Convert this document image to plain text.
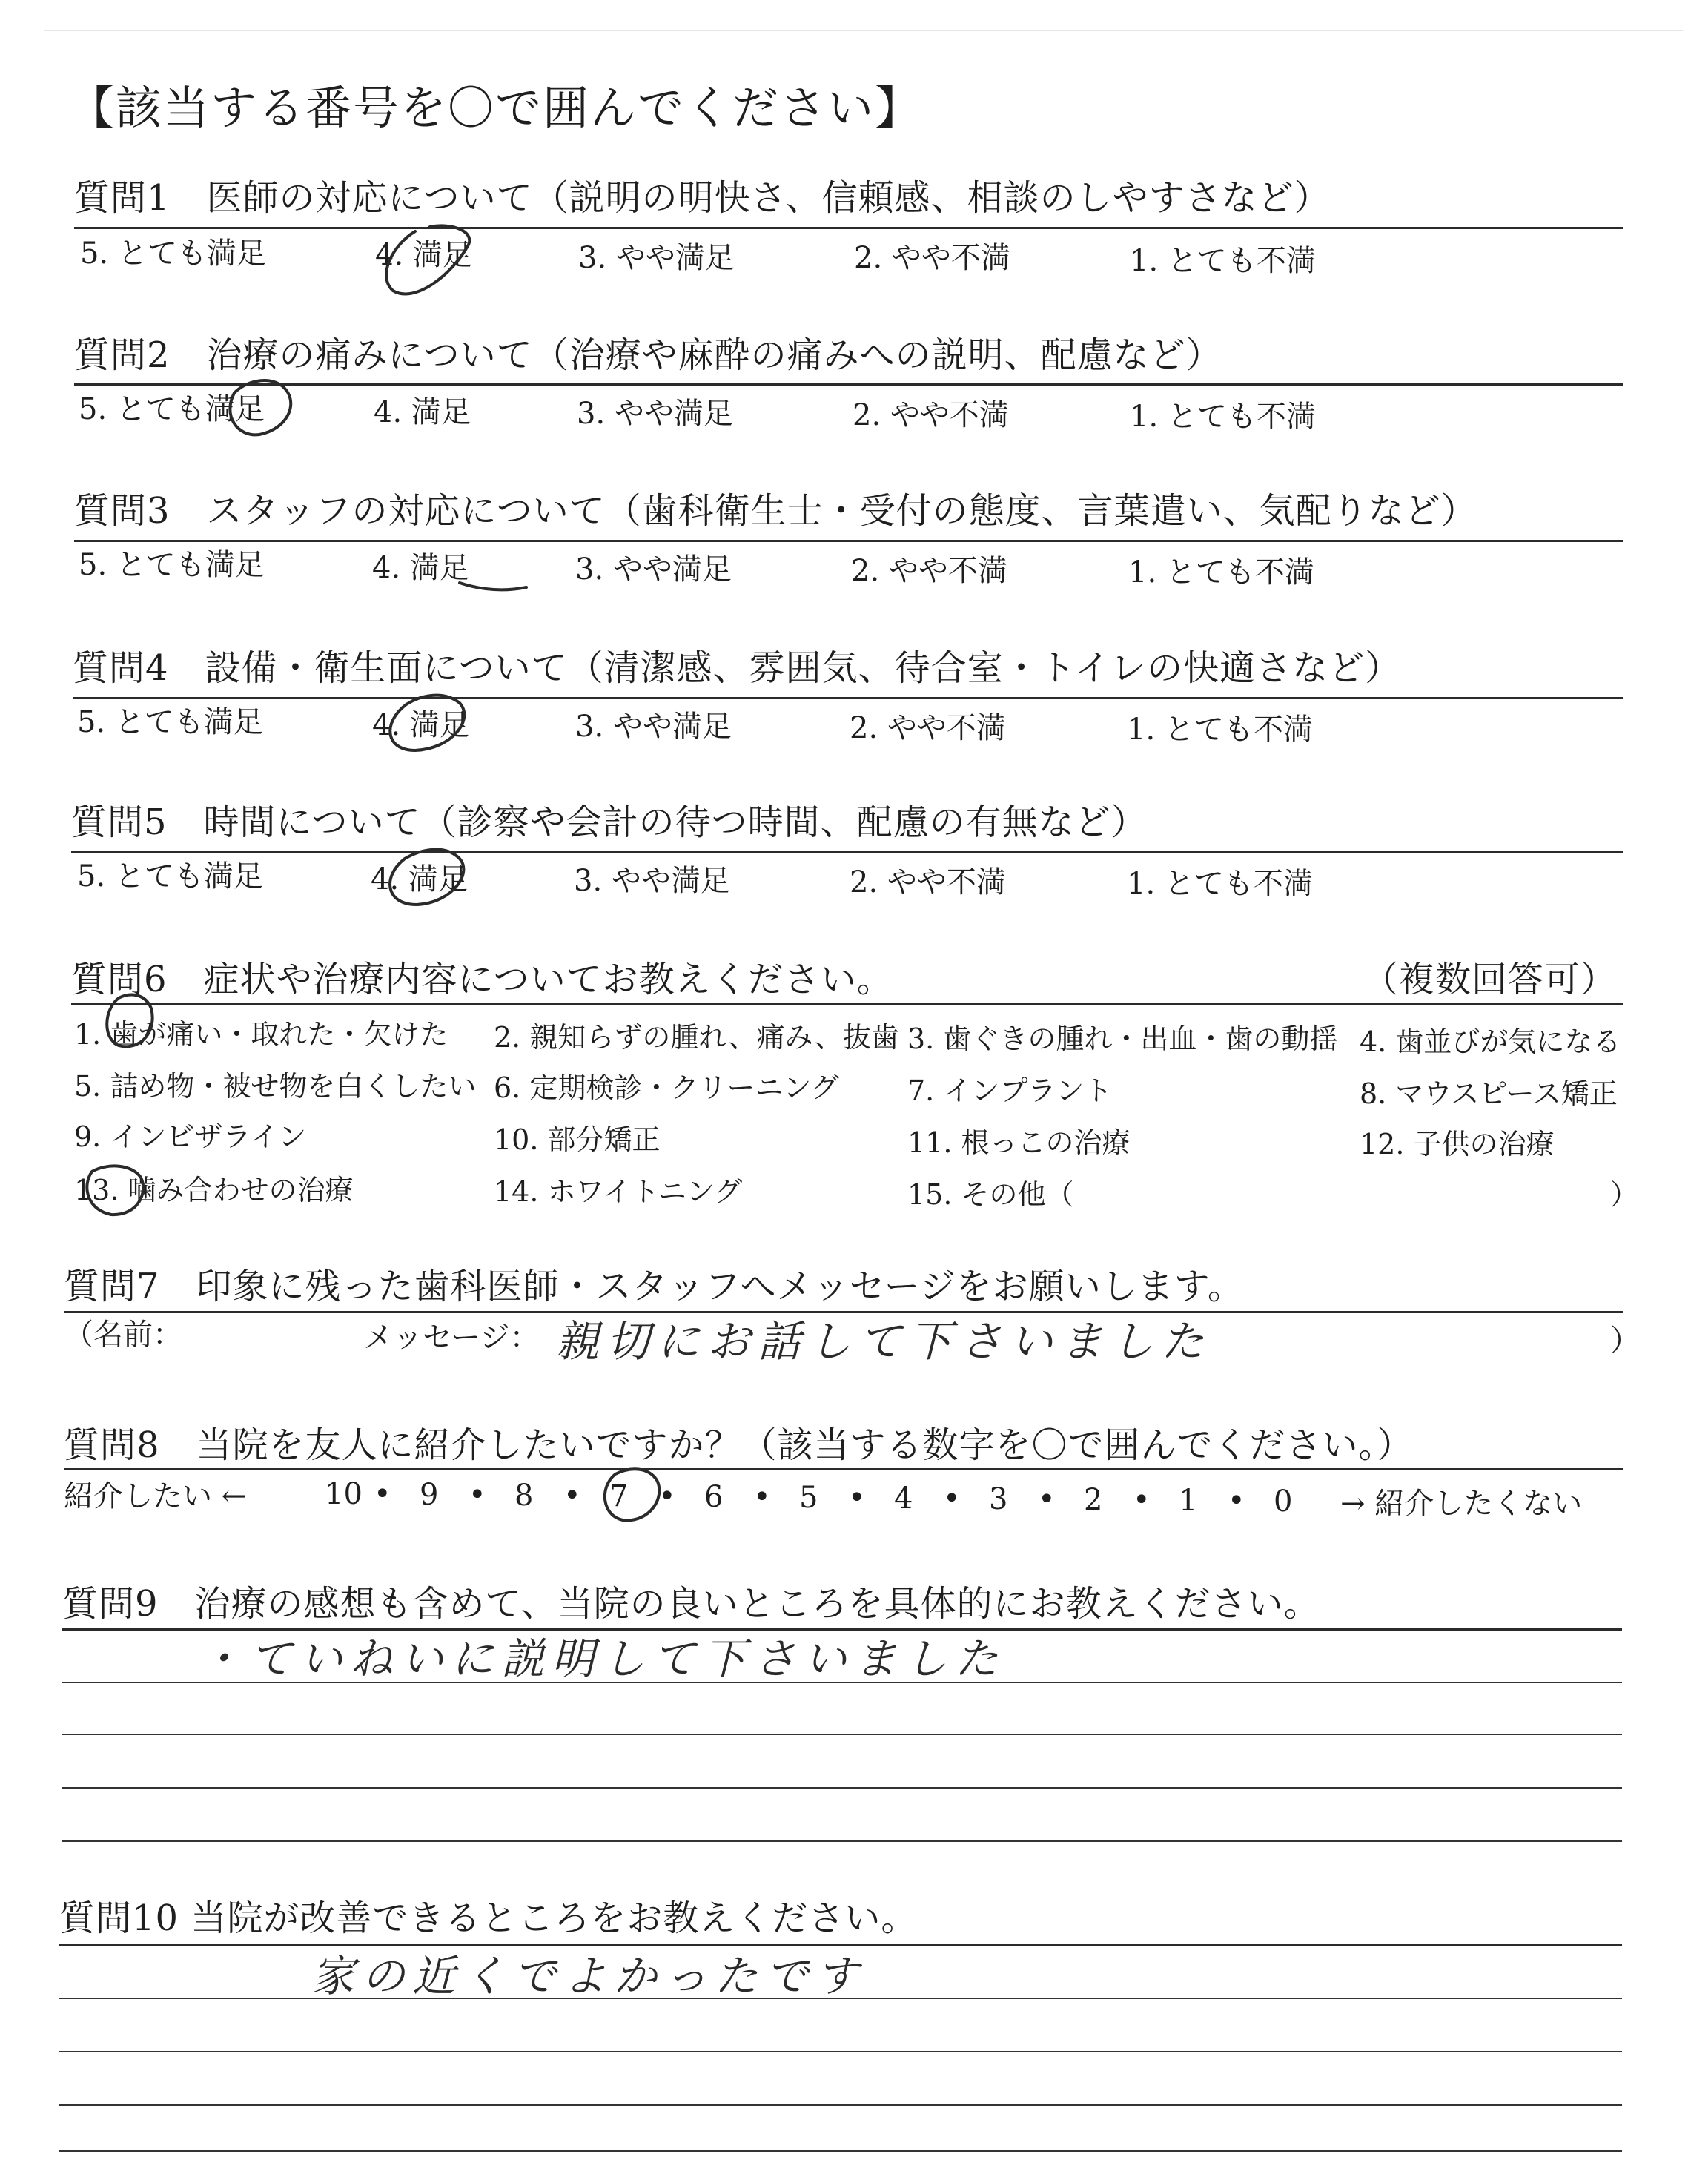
【該当する番号を〇で囲んでください】
質問1　医師の対応について（説明の明快さ、信頼感、相談のしやすさなど）
5. とても満足	4. 満足	3. やや満足	2. やや不満	1. とても不満
質問2　治療の痛みについて（治療や麻酔の痛みへの説明、配慮など）
5. とても満足	4. 満足	3. やや満足	2. やや不満	1. とても不満
質問3　スタッフの対応について（歯科衛生士・受付の態度、言葉遣い、気配りなど）
5. とても満足	4. 満足	3. やや満足	2. やや不満	1. とても不満
質問4　設備・衛生面について（清潔感、雰囲気、待合室・トイレの快適さなど）
5. とても満足	4. 満足	3. やや満足	2. やや不満	1. とても不満
質問5　時間について（診察や会計の待つ時間、配慮の有無など）
5. とても満足	4. 満足	3. やや満足	2. やや不満	1. とても不満
質問6　症状や治療内容についてお教えください。	（複数回答可）
1. 歯が痛い・取れた・欠けた 2. 親知らずの腫れ、痛み、抜歯 3. 歯ぐきの腫れ・出血・歯の動揺 4. 歯並びが気になる
5. 詰め物・被せ物を白くしたい 6. 定期検診・クリーニング 7. インプラント	8. マウスピース矯正
9. インビザライン	10. 部分矯正	11. 根っこの治療	12. 子供の治療
13. 噛み合わせの治療	14. ホワイトニング	15. その他（	）
質問7　印象に残った歯科医師・スタッフへメッセージをお願いします。
（名前：	メッセージ： 親切にお話して下さいました	）
質問8　当院を友人に紹介したいですか？（該当する数字を〇で囲んでください。）
紹介したい ←	10 • 9 • 8 • 7 • 6 • 5 • 4 • 3 • 2 • 1 • 0 → 紹介したくない
質問9　治療の感想も含めて、当院の良いところを具体的にお教えください。
・ていねいに説明して下さいました
質問10 当院が改善できるところをお教えください。
家の近くでよかったです
